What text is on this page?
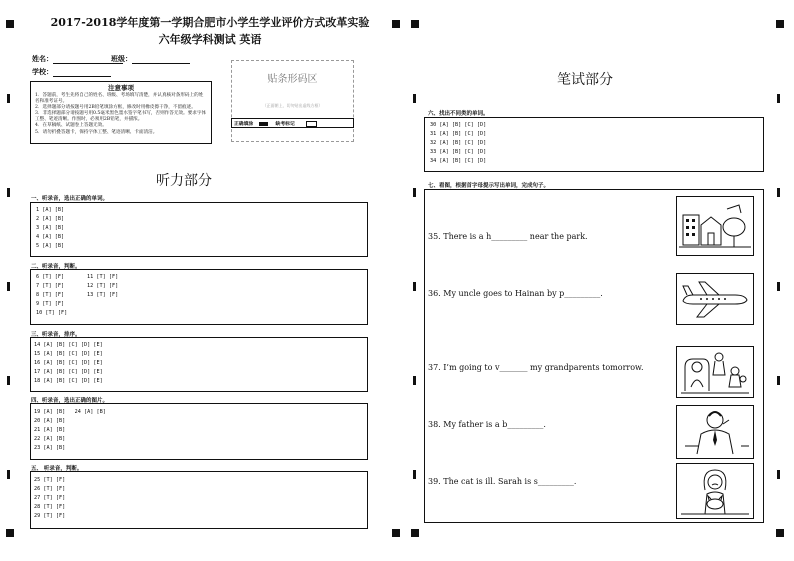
2017-2018学年度第一学期合肥市小学生学业评价方式改革实验
六年级学科测试 英语
姓名：	班级：
学校：
注意事项

1．答题前，考生先将自己的姓名、班级、考场填写清楚，并认真核对条形码上的姓名和准考证号。

2．选择题部分请按题号用2B铅笔填涂方框，修改时用橡皮擦干净，不留痕迹。

3．非选择题部分请按题号用0.5毫米黑色墨水签字笔书写，否则作答无效。要求字体工整、笔迹清晰。作图时，必须用2B铅笔，并描浓。

4．在草稿纸、试题卷上答题无效。

5．请勿折叠答题卡，保持字体工整、笔迹清晰、卡面清洁。

贴条形码区
（正面朝上，切勿贴出虚线方框）
正确填涂	缺考标记
听力部分
笔试部分
一、听录音，选出正确的单词。
1 [A] [B]
2 [A] [B]
3 [A] [B]
4 [A] [B]
5 [A] [B]
二、听录音，判断。
6 [T] [F]
7 [T] [F]
8 [T] [F]
9 [T] [F]
10 [T] [F]
11 [T] [F]
12 [T] [F]
13 [T] [F]
三、听录音，排序。
14 [A] [B] [C] [D] [E]
15 [A] [B] [C] [D] [E]
16 [A] [B] [C] [D] [E]
17 [A] [B] [C] [D] [E]
18 [A] [B] [C] [D] [E]
四、听录音，选出正确的图片。
19 [A] [B]   24 [A] [B]
20 [A] [B]
21 [A] [B]
22 [A] [B]
23 [A] [B]
五、 听录音，判断。
25 [T] [F]
26 [T] [F]
27 [T] [F]
28 [T] [F]
29 [T] [F]
六、找出不同类的单词。
30 [A] [B] [C] [D]
31 [A] [B] [C] [D]
32 [A] [B] [C] [D]
33 [A] [B] [C] [D]
34 [A] [B] [C] [D]
七、看图，根据首字母提示写出单词，完成句子。
35. There is a h_________ near the park.
36. My uncle goes to Hainan by p_________.
37. I’m going to v_______ my grandparents tomorrow.
38. My father is a b_________.
39. The cat is ill. Sarah is s_________.
